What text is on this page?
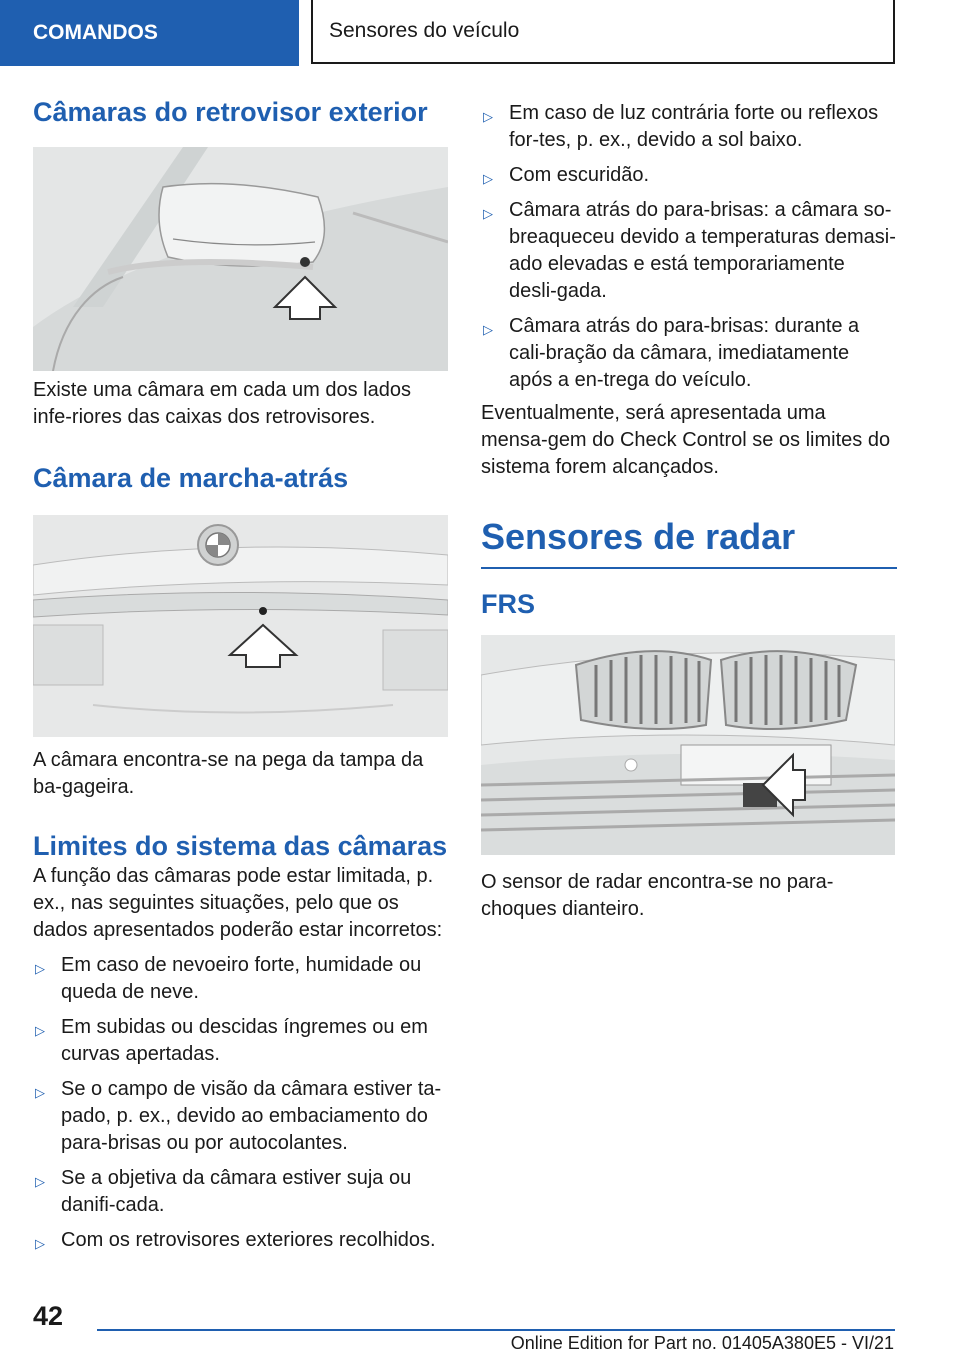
COMANDOS	Sensores do veículo
Câmaras do retrovisor exterior

Existe uma câmara em cada um dos lados infe-riores das caixas dos retrovisores.

Câmara de marcha-atrás

A câmara encontra-se na pega da tampa da ba-gageira.

Limites do sistema das câmaras

A função das câmaras pode estar limitada, p. ex., nas seguintes situações, pelo que os dados apresentados poderão estar incorretos:

▷ Em caso de nevoeiro forte, humidade ou queda de neve.
▷ Em subidas ou descidas íngremes ou em curvas apertadas.
▷ Se o campo de visão da câmara estiver ta-pado, p. ex., devido ao embaciamento do para-brisas ou por autocolantes.
▷ Se a objetiva da câmara estiver suja ou danifi-cada.
▷ Com os retrovisores exteriores recolhidos.
▷ Em caso de luz contrária forte ou reflexos for-tes, p. ex., devido a sol baixo.
▷ Com escuridão.
▷ Câmara atrás do para-brisas: a câmara so-breaqueceu devido a temperaturas demasi-ado elevadas e está temporariamente desli-gada.
▷ Câmara atrás do para-brisas: durante a cali-bração da câmara, imediatamente após a en-trega do veículo.

Eventualmente, será apresentada uma mensa-gem do Check Control se os limites do sistema forem alcançados.

Sensores de radar
FRS

O sensor de radar encontra-se no para-choques dianteiro.

42
Online Edition for Part no. 01405A380E5 - VI/21
